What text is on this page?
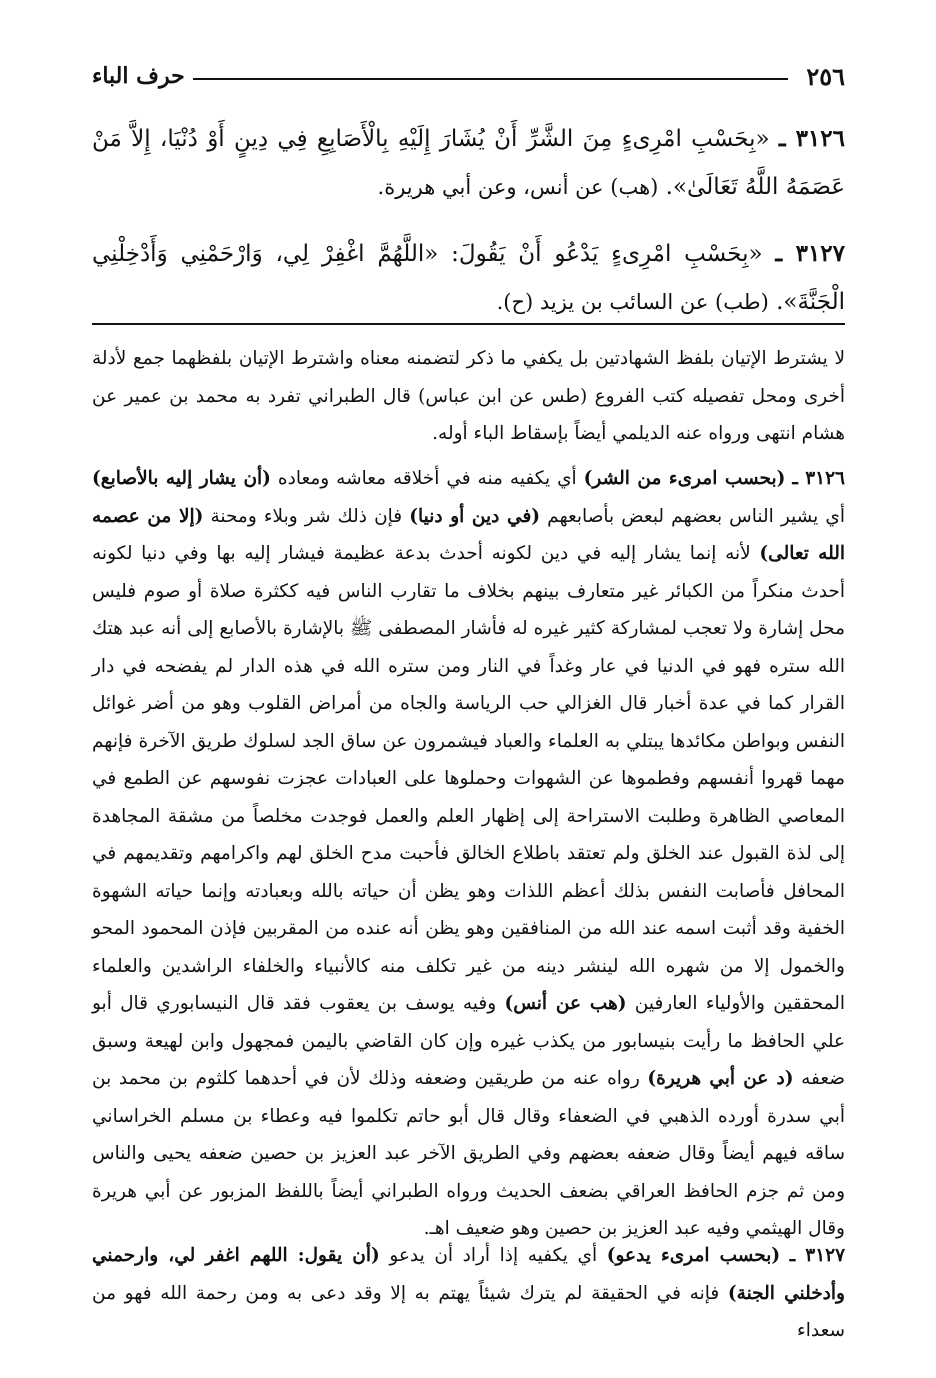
٢٥٦
حرف الباء
٣١٢٦ ـ «بِحَسْبِ امْرِىءٍ مِنَ الشَّرِّ أَنْ يُشَارَ إِلَيْهِ بِالْأَصَابِعِ فِي دِينٍ أَوْ دُنْيَا، إِلاَّ مَنْ عَصَمَهُ اللَّهُ تَعَالَىٰ». (هب) عن أنس، وعن أبي هريرة.
٣١٢٧ ـ «بِحَسْبِ امْرِىءٍ يَدْعُو أَنْ يَقُولَ: «اللَّهُمَّ اغْفِرْ لِي، وَارْحَمْنِي وَأَدْخِلْنِي الْجَنَّةَ». (طب) عن السائب بن يزيد (ح).
لا يشترط الإتيان بلفظ الشهادتين بل يكفي ما ذكر لتضمنه معناه واشترط الإتيان بلفظهما جمع لأدلة أخرى ومحل تفصيله كتب الفروع (طس عن ابن عباس) قال الطبراني تفرد به محمد بن عمير عن هشام انتهى ورواه عنه الديلمي أيضاً بإسقاط الباء أوله.
٣١٢٦ ـ (بحسب امرىء من الشر) أي يكفيه منه في أخلاقه معاشه ومعاده (أن يشار إليه بالأصابع) أي يشير الناس بعضهم لبعض بأصابعهم (في دين أو دنيا) فإن ذلك شر وبلاء ومحنة (إلا من عصمه الله تعالى) لأنه إنما يشار إليه في دين لكونه أحدث بدعة عظيمة فيشار إليه بها وفي دنيا لكونه أحدث منكراً من الكبائر غير متعارف بينهم بخلاف ما تقارب الناس فيه ككثرة صلاة أو صوم فليس محل إشارة ولا تعجب لمشاركة كثير غيره له فأشار المصطفى ﷺ بالإشارة بالأصابع إلى أنه عبد هتك الله ستره فهو في الدنيا في عار وغداً في النار ومن ستره الله في هذه الدار لم يفضحه في دار القرار كما في عدة أخبار قال الغزالي حب الرياسة والجاه من أمراض القلوب وهو من أضر غوائل النفس وبواطن مكائدها يبتلي به العلماء والعباد فيشمرون عن ساق الجد لسلوك طريق الآخرة فإنهم مهما قهروا أنفسهم وفطموها عن الشهوات وحملوها على العبادات عجزت نفوسهم عن الطمع في المعاصي الظاهرة وطلبت الاستراحة إلى إظهار العلم والعمل فوجدت مخلصاً من مشقة المجاهدة إلى لذة القبول عند الخلق ولم تعتقد باطلاع الخالق فأحبت مدح الخلق لهم واكرامهم وتقديمهم في المحافل فأصابت النفس بذلك أعظم اللذات وهو يظن أن حياته بالله وبعبادته وإنما حياته الشهوة الخفية وقد أثبت اسمه عند الله من المنافقين وهو يظن أنه عنده من المقربين فإذن المحمود المحو والخمول إلا من شهره الله لينشر دينه من غير تكلف منه كالأنبياء والخلفاء الراشدين والعلماء المحققين والأولياء العارفين (هب عن أنس) وفيه يوسف بن يعقوب فقد قال النيسابوري قال أبو علي الحافظ ما رأيت بنيسابور من يكذب غيره وإن كان القاضي باليمن فمجهول وابن لهيعة وسبق ضعفه (د عن أبي هريرة) رواه عنه من طريقين وضعفه وذلك لأن في أحدهما كلثوم بن محمد بن أبي سدرة أورده الذهبي في الضعفاء وقال قال أبو حاتم تكلموا فيه وعطاء بن مسلم الخراساني ساقه فيهم أيضاً وقال ضعفه بعضهم وفي الطريق الآخر عبد العزيز بن حصين ضعفه يحيى والناس ومن ثم جزم الحافظ العراقي بضعف الحديث ورواه الطبراني أيضاً باللفظ المزبور عن أبي هريرة وقال الهيثمي وفيه عبد العزيز بن حصين وهو ضعيف اهـ.
٣١٢٧ ـ (بحسب امرىء يدعو) أي يكفيه إذا أراد أن يدعو (أن يقول: اللهم اغفر لي، وارحمني وأدخلني الجنة) فإنه في الحقيقة لم يترك شيئاً يهتم به إلا وقد دعى به ومن رحمة الله فهو من سعداء
